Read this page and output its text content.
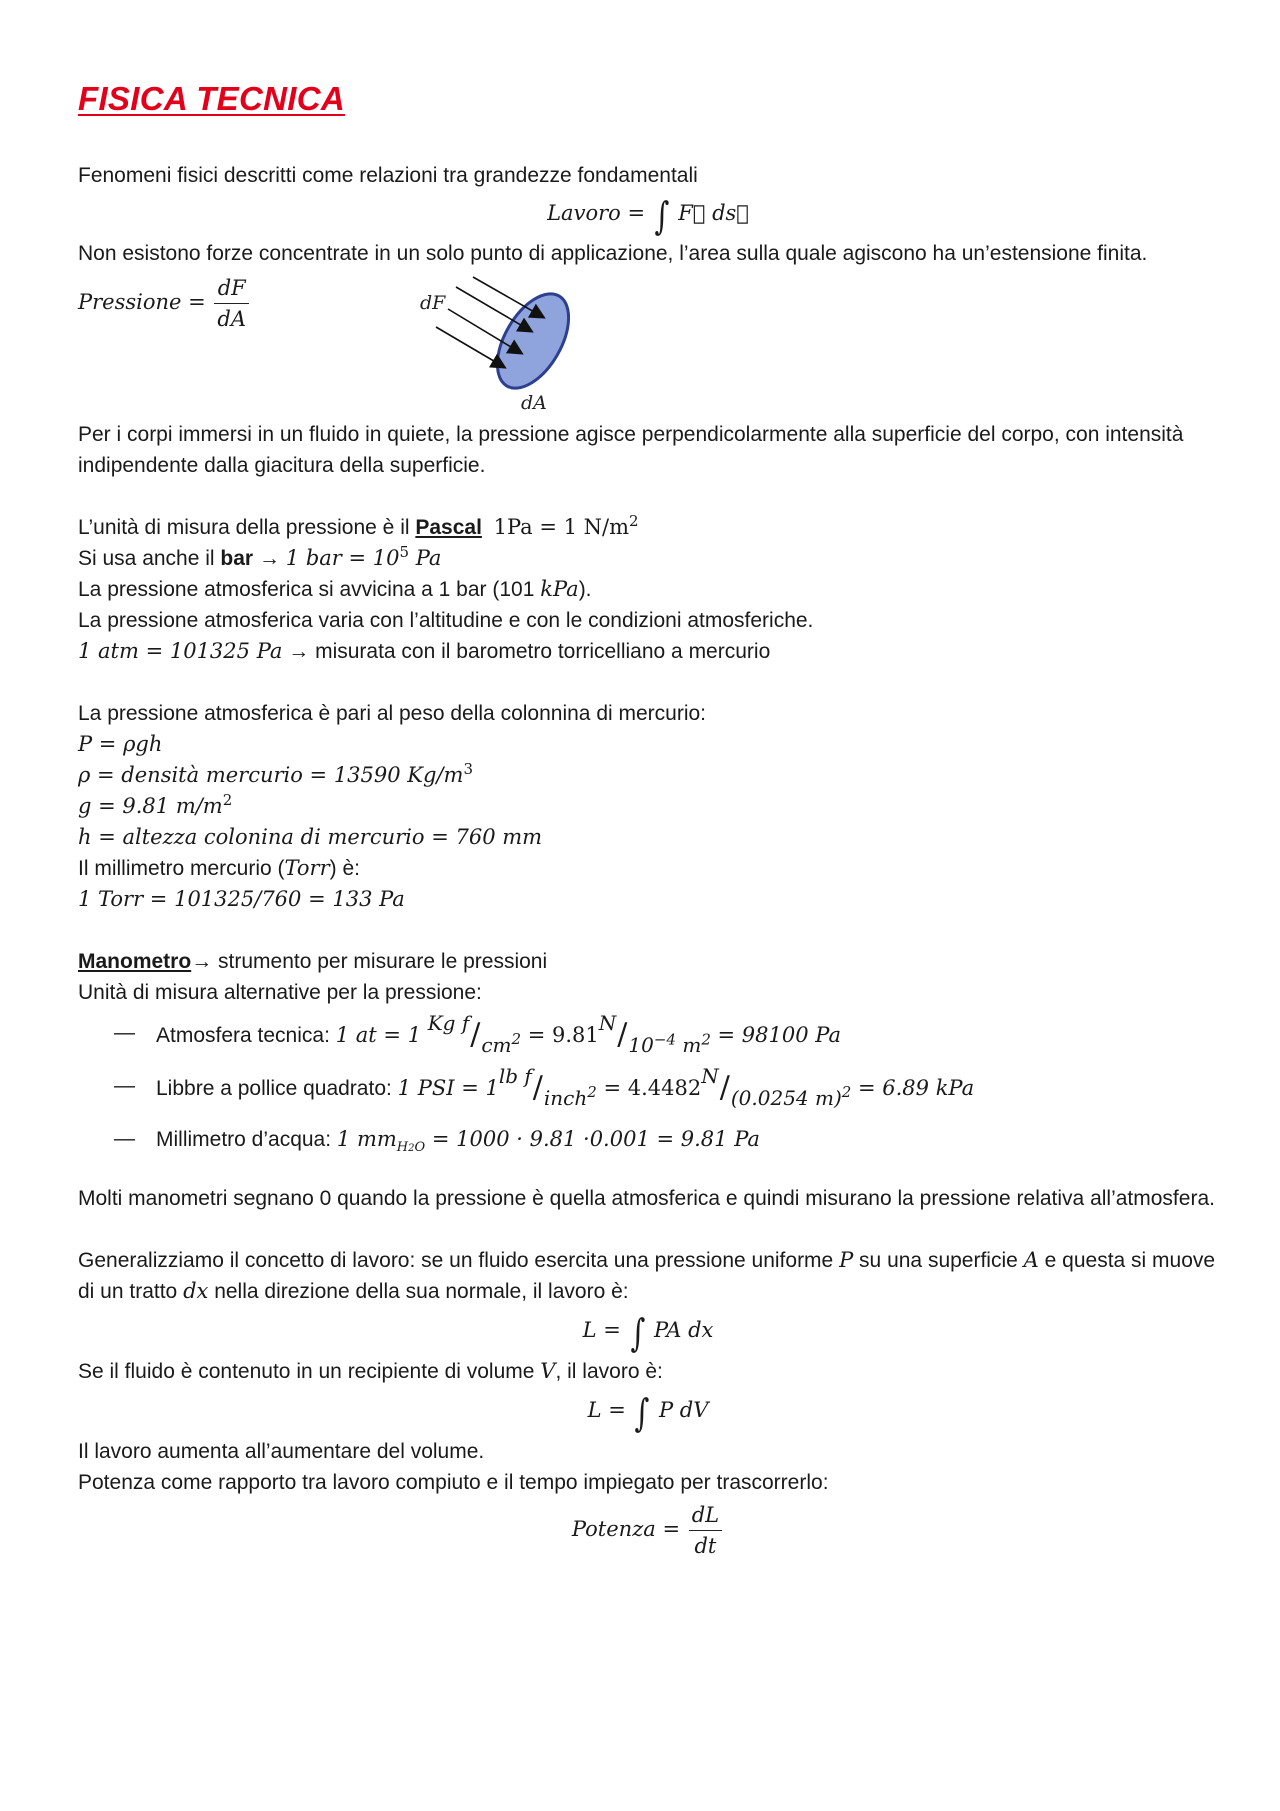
FISICA TECNICA

Fenomeni fisici descritti come relazioni tra grandezze fondamentali

Lavoro = ∫ F⃗ ds⃗

Non esistono forze concentrate in un solo punto di applicazione, l’area sulla quale agiscono ha un’estensione finita.

Pressione = $\frac{dF}{dA}$	dF
dA

Per i corpi immersi in un fluido in quiete, la pressione agisce perpendicolarmente alla superficie del corpo, con intensità indipendente dalla giacitura della superficie.

L’unità di misura della pressione è il Pascal 1Pa = 1 $N/m^2$

Si usa anche il bar → 1 bar = $10^5$ Pa

La pressione atmosferica si avvicina a 1 bar (101 kPa).

La pressione atmosferica varia con l’altitudine e con le condizioni atmosferiche.

1 atm = 101325 Pa → misurata con il barometro torricelliano a mercurio

La pressione atmosferica è pari al peso della colonnina di mercurio:

P = ρgh

ρ = densità mercurio = 13590 $Kg/m^3$

g = 9.81 $m/m^2$

h = altezza colonina di mercurio = 760 mm

Il millimetro mercurio (Torr) è:

1 Torr = 101325/760 = 133 Pa

Manometro→ strumento per misurare le pressioni

Unità di misura alternative per la pressione:

— Atmosfera tecnica: 1 at = 1 Kg $f/cm^2 = 9.81N/10^{-4}$ $m^2 = 98100$ Pa
— Libbre a pollice quadrato: 1 PSI = 1lb f/inch$^2$ = 4.4482N/(0.0254 m)$^2$ = 6.89 kPa
— Millimetro d’acqua: 1 $mm_{H2O} = 1000 \cdot 9.81 \cdot 0.001 = 9.81$ Pa

Molti manometri segnano 0 quando la pressione è quella atmosferica e quindi misurano la pressione relativa all’atmosfera.

Generalizziamo il concetto di lavoro: se un fluido esercita una pressione uniforme P su una superficie A e questa si muove di un tratto dx nella direzione della sua normale, il lavoro è:

L = ∫ PA dx

Se il fluido è contenuto in un recipiente di volume V, il lavoro è:

L = ∫ P dV

Il lavoro aumenta all’aumentare del volume.

Potenza come rapporto tra lavoro compiuto e il tempo impiegato per trascorrerlo:

Potenza = $\frac{dL}{dt}$
